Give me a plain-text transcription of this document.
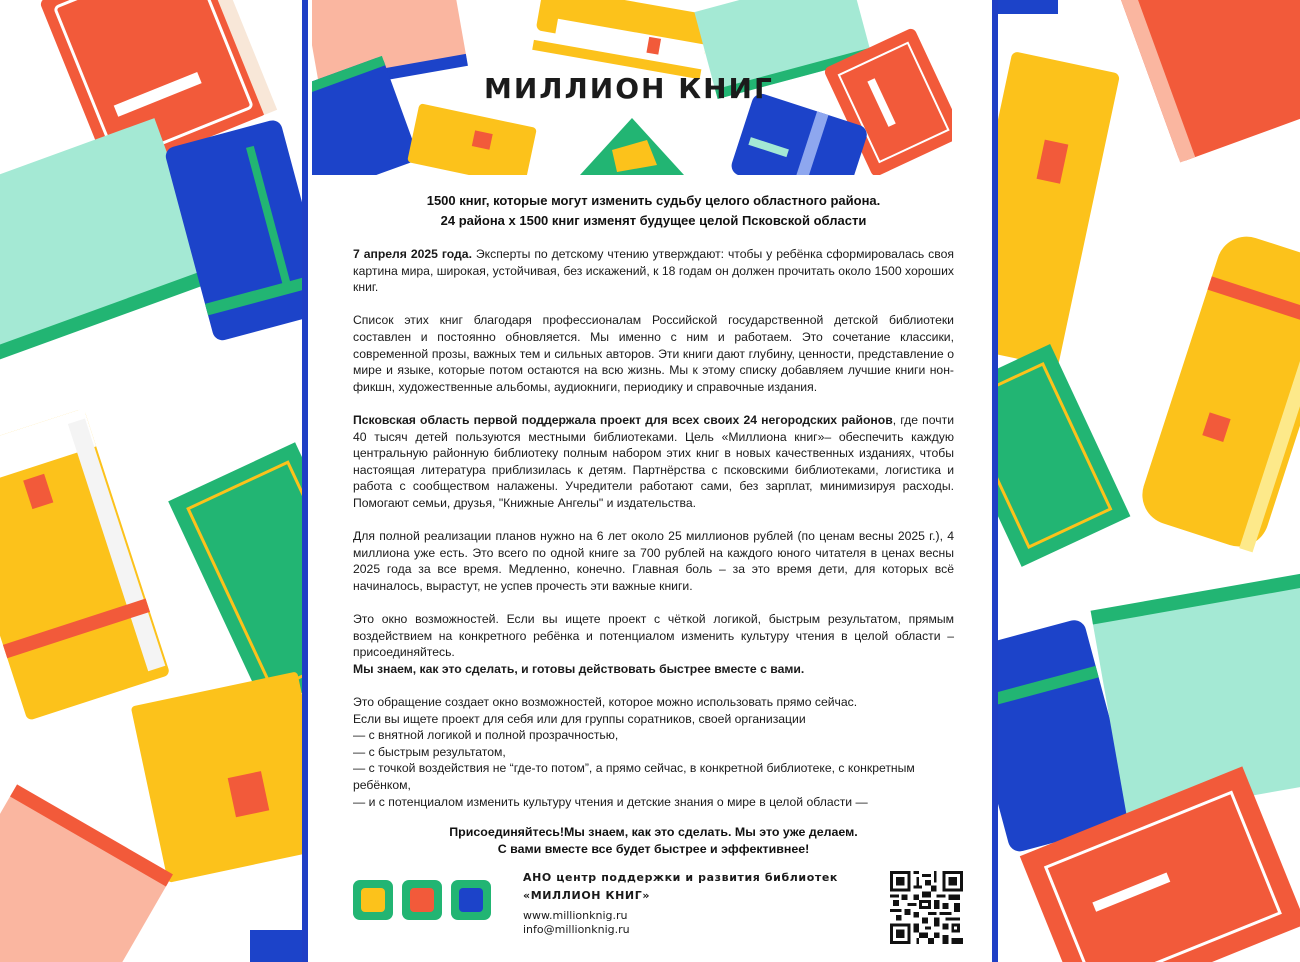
МИЛЛИОН КНИГ
1500 книг, которые могут изменить судьбу целого областного района.
24 района х 1500 книг изменят будущее целой Псковской области

7 апреля 2025 года. Эксперты по детскому чтению утверждают: чтобы у ребёнка сформировалась своя картина мира, широкая, устойчивая, без искажений, к 18 годам он должен прочитать около 1500 хороших книг.

Список этих книг благодаря профессионалам Российской государственной детской библиотеки составлен и постоянно обновляется. Мы именно с ним и работаем. Это сочетание классики, современной прозы, важных тем и сильных авторов. Эти книги дают глубину, ценности, представление о мире и языке, которые потом остаются на всю жизнь. Мы к этому списку добавляем лучшие книги нон-фикшн, художественные альбомы, аудиокниги, периодику и справочные издания.

Псковская область первой поддержала проект для всех своих 24 негородских районов, где почти 40 тысяч детей пользуются местными библиотеками. Цель «Миллиона книг»– обеспечить каждую центральную районную библиотеку полным набором этих книг в новых качественных изданиях, чтобы настоящая литература приблизилась к детям. Партнёрства с псковскими библиотеками, логистика и работа с сообществом налажены. Учредители работают сами, без зарплат, минимизируя расходы. Помогают семьи, друзья, "Книжные Ангелы" и издательства.

Для полной реализации планов нужно на 6 лет около 25 миллионов рублей (по ценам весны 2025 г.), 4 миллиона уже есть. Это всего по одной книге за 700 рублей на каждого юного читателя в ценах весны 2025 года за все время. Медленно, конечно. Главная боль – за это время дети, для которых всё начиналось, вырастут, не успев прочесть эти важные книги.

Это окно возможностей. Если вы ищете проект с чёткой логикой, быстрым результатом, прямым воздействием на конкретного ребёнка и потенциалом изменить культуру чтения в целой области – присоединяйтесь.

Мы знаем, как это сделать, и готовы действовать быстрее вместе с вами.

Это обращение создает окно возможностей, которое можно использовать прямо сейчас.
Если вы ищете проект для себя или для группы соратников, своей организации
— с внятной логикой и полной прозрачностью,
— с быстрым результатом,
— с точкой воздействия не “где-то потом”, а прямо сейчас, в конкретной библиотеке, с конкретным ребёнком,
— и с потенциалом изменить культуру чтения и детские знания о мире в целой области —
Присоединяйтесь!Мы знаем, как это сделать. Мы это уже делаем.
С вами вместе все будет быстрее и эффективнее!
АНО центр поддержки и развития библиотек
«МИЛЛИОН КНИГ»
www.millionknig.ru
info@millionknig.ru
